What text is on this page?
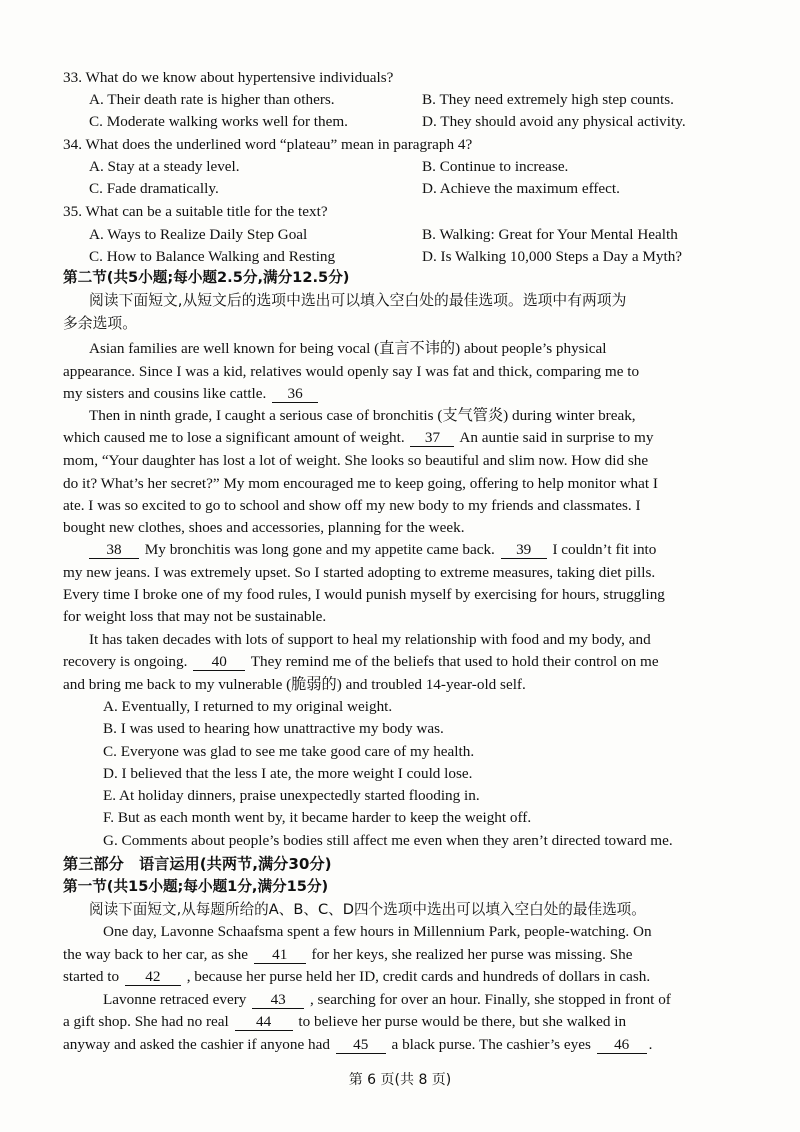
33. What do we know about hypertensive individuals?
A. Their death rate is higher than others.	B. They need extremely high step counts.
C. Moderate walking works well for them.	D. They should avoid any physical activity.
34. What does the underlined word “plateau” mean in paragraph 4?
A. Stay at a steady level.	B. Continue to increase.
C. Fade dramatically.	D. Achieve the maximum effect.
35. What can be a suitable title for the text?
A. Ways to Realize Daily Step Goal	B. Walking: Great for Your Mental Health
C. How to Balance Walking and Resting	D. Is Walking 10,000 Steps a Day a Myth?
第二节(共5小题;每小题2.5分,满分12.5分)
阅读下面短文,从短文后的选项中选出可以填入空白处的最佳选项。选项中有两项为
多余选项。
Asian families are well known for being vocal (直言不讳的) about people’s physical
appearance. Since I was a kid, relatives would openly say I was fat and thick, comparing me to
my sisters and cousins like cattle. 36
Then in ninth grade, I caught a serious case of bronchitis (支气管炎) during winter break,
which caused me to lose a significant amount of weight. 37 An auntie said in surprise to my
mom, “Your daughter has lost a lot of weight. She looks so beautiful and slim now. How did she
do it? What’s her secret?” My mom encouraged me to keep going, offering to help monitor what I
ate. I was so excited to go to school and show off my new body to my friends and classmates. I
bought new clothes, shoes and accessories, planning for the week.
38 My bronchitis was long gone and my appetite came back. 39 I couldn’t fit into
my new jeans. I was extremely upset. So I started adopting to extreme measures, taking diet pills.
Every time I broke one of my food rules, I would punish myself by exercising for hours, struggling
for weight loss that may not be sustainable.
It has taken decades with lots of support to heal my relationship with food and my body, and
recovery is ongoing. 40 They remind me of the beliefs that used to hold their control on me
and bring me back to my vulnerable (脆弱的) and troubled 14-year-old self.
A. Eventually, I returned to my original weight.
B. I was used to hearing how unattractive my body was.
C. Everyone was glad to see me take good care of my health.
D. I believed that the less I ate, the more weight I could lose.
E. At holiday dinners, praise unexpectedly started flooding in.
F. But as each month went by, it became harder to keep the weight off.
G. Comments about people’s bodies still affect me even when they aren’t directed toward me.
第三部分　语言运用(共两节,满分30分)
第一节(共15小题;每小题1分,满分15分)
阅读下面短文,从每题所给的A、B、C、D四个选项中选出可以填入空白处的最佳选项。
One day, Lavonne Schaafsma spent a few hours in Millennium Park, people-watching. On
the way back to her car, as she 41 for her keys, she realized her purse was missing. She
started to 42 , because her purse held her ID, credit cards and hundreds of dollars in cash.
Lavonne retraced every 43 , searching for over an hour. Finally, she stopped in front of
a gift shop. She had no real 44 to believe her purse would be there, but she walked in
anyway and asked the cashier if anyone had 45 a black purse. The cashier’s eyes 46 .
第 6 页(共 8 页)
